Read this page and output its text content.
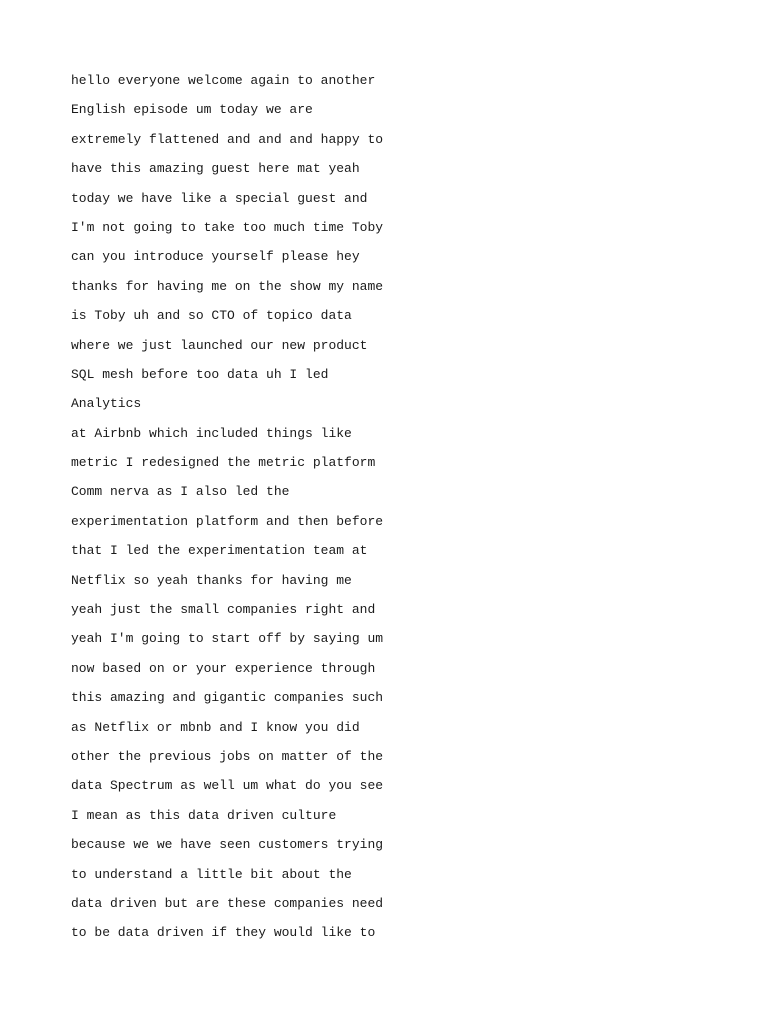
hello everyone welcome again to another
English episode um today we are
extremely flattened and and and happy to
have this amazing guest here mat yeah
today we have like a special guest and
I'm not going to take too much time Toby
can you introduce yourself please hey
thanks for having me on the show my name
is Toby uh and so CTO of topico data
where we just launched our new product
SQL mesh before too data uh I led
Analytics
at Airbnb which included things like
metric I redesigned the metric platform
Comm nerva as I also led the
experimentation platform and then before
that I led the experimentation team at
Netflix so yeah thanks for having me
yeah just the small companies right and
yeah I'm going to start off by saying um
now based on or your experience through
this amazing and gigantic companies such
as Netflix or mbnb and I know you did
other the previous jobs on matter of the
data Spectrum as well um what do you see
I mean as this data driven culture
because we we have seen customers trying
to understand a little bit about the
data driven but are these companies need
to be data driven if they would like to
